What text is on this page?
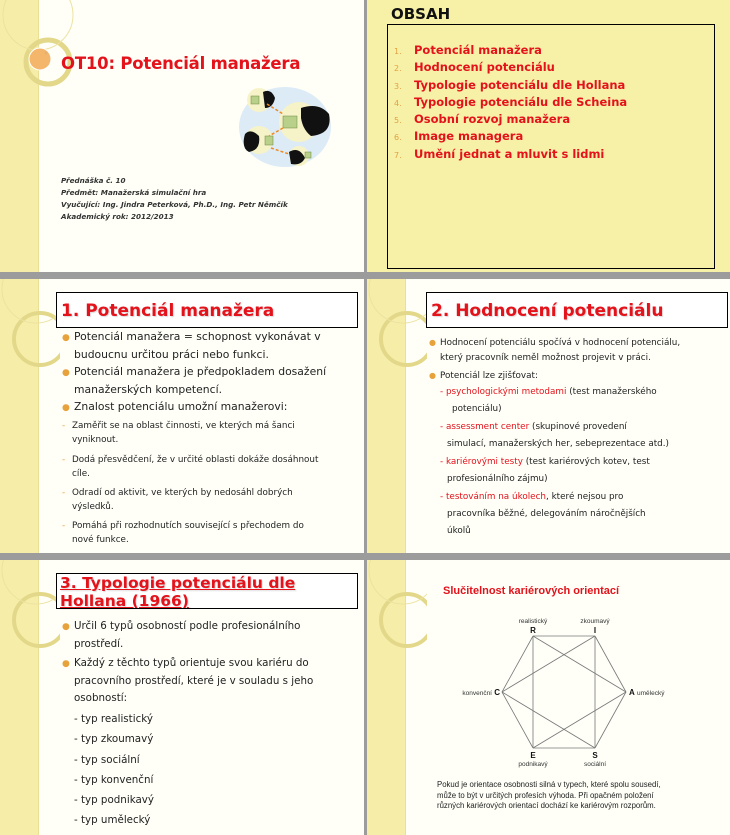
OT10: Potenciál manažera
Přednáška č. 10
Předmět: Manažerská simulační hra
Vyučující: Ing. Jindra Peterková, Ph.D., Ing. Petr Němčík
Akademický rok: 2012/2013
OBSAH
1. Potenciál manažera
2. Hodnocení potenciálu
3. Typologie potenciálu dle Hollana
4. Typologie potenciálu dle Scheina
5. Osobní rozvoj manažera
6. Image managera
7. Umění jednat a mluvit s lidmi
1. Potenciál manažera
● Potenciál manažera = schopnost vykonávat v
budoucnu určitou práci nebo funkci.
● Potenciál manažera je předpokladem dosažení
manažerských kompetencí.
● Znalost potenciálu umožní manažerovi:
- Zaměřit se na oblast činnosti, ve kterých má šanci
vyniknout.
- Dodá přesvědčení, že v určité oblasti dokáže dosáhnout
cíle.
- Odradí od aktivit, ve kterých by nedosáhl dobrých
výsledků.
- Pomáhá při rozhodnutích související s přechodem do
nové funkce.
2. Hodnocení potenciálu
● Hodnocení potenciálu spočívá v hodnocení potenciálu,
který pracovník neměl možnost projevit v práci.
● Potenciál lze zjišťovat:
- psychologickými metodami (test manažerského
potenciálu)
- assessment center (skupinové provedení
simulací, manažerských her, sebeprezentace atd.)
- kariérovými testy (test kariérových kotev, test
profesionálního zájmu)
- testováním na úkolech, které nejsou pro
pracovníka běžné, delegováním náročnějších
úkolů
3. Typologie potenciálu dle
Hollana (1966)
● Určil 6 typů osobností podle profesionálního
prostředí.
● Každý z těchto typů orientuje svou kariéru do
pracovního prostředí, které je v souladu s jeho
osobností:
- typ realistický
- typ zkoumavý
- typ sociální
- typ konvenční
- typ podnikavý
- typ umělecký
Slučitelnost kariérových orientací
R
realistický
I
zkoumavý
A umělecký
S
sociální
E
podnikavý
C
konvenční
Pokud je orientace osobnosti silná v typech, které spolu sousedí,
může to být v určitých profesích výhoda. Při opačném položení
různých kariérových orientací dochází ke kariérovým rozporům.
